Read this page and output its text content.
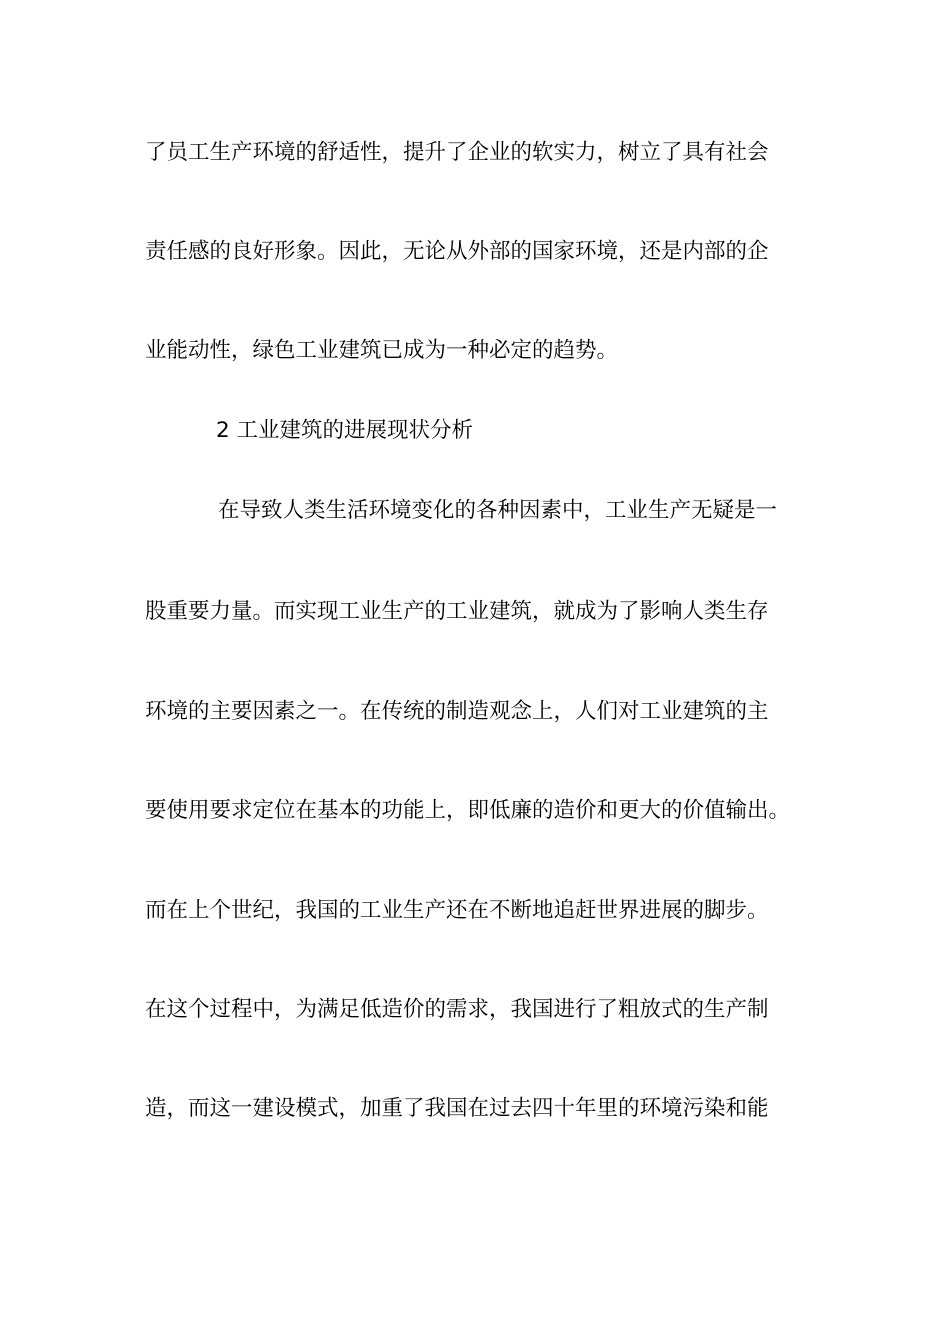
了员工生产环境的舒适性，提升了企业的软实力，树立了具有社会
责任感的良好形象。因此，无论从外部的国家环境，还是内部的企
业能动性，绿色工业建筑已成为一种必定的趋势。
2 工业建筑的进展现状分析
在导致人类生活环境变化的各种因素中，工业生产无疑是一
股重要力量。而实现工业生产的工业建筑，就成为了影响人类生存
环境的主要因素之一。在传统的制造观念上，人们对工业建筑的主
要使用要求定位在基本的功能上，即低廉的造价和更大的价值输出。
而在上个世纪，我国的工业生产还在不断地追赶世界进展的脚步。
在这个过程中，为满足低造价的需求，我国进行了粗放式的生产制
造，而这一建设模式，加重了我国在过去四十年里的环境污染和能
